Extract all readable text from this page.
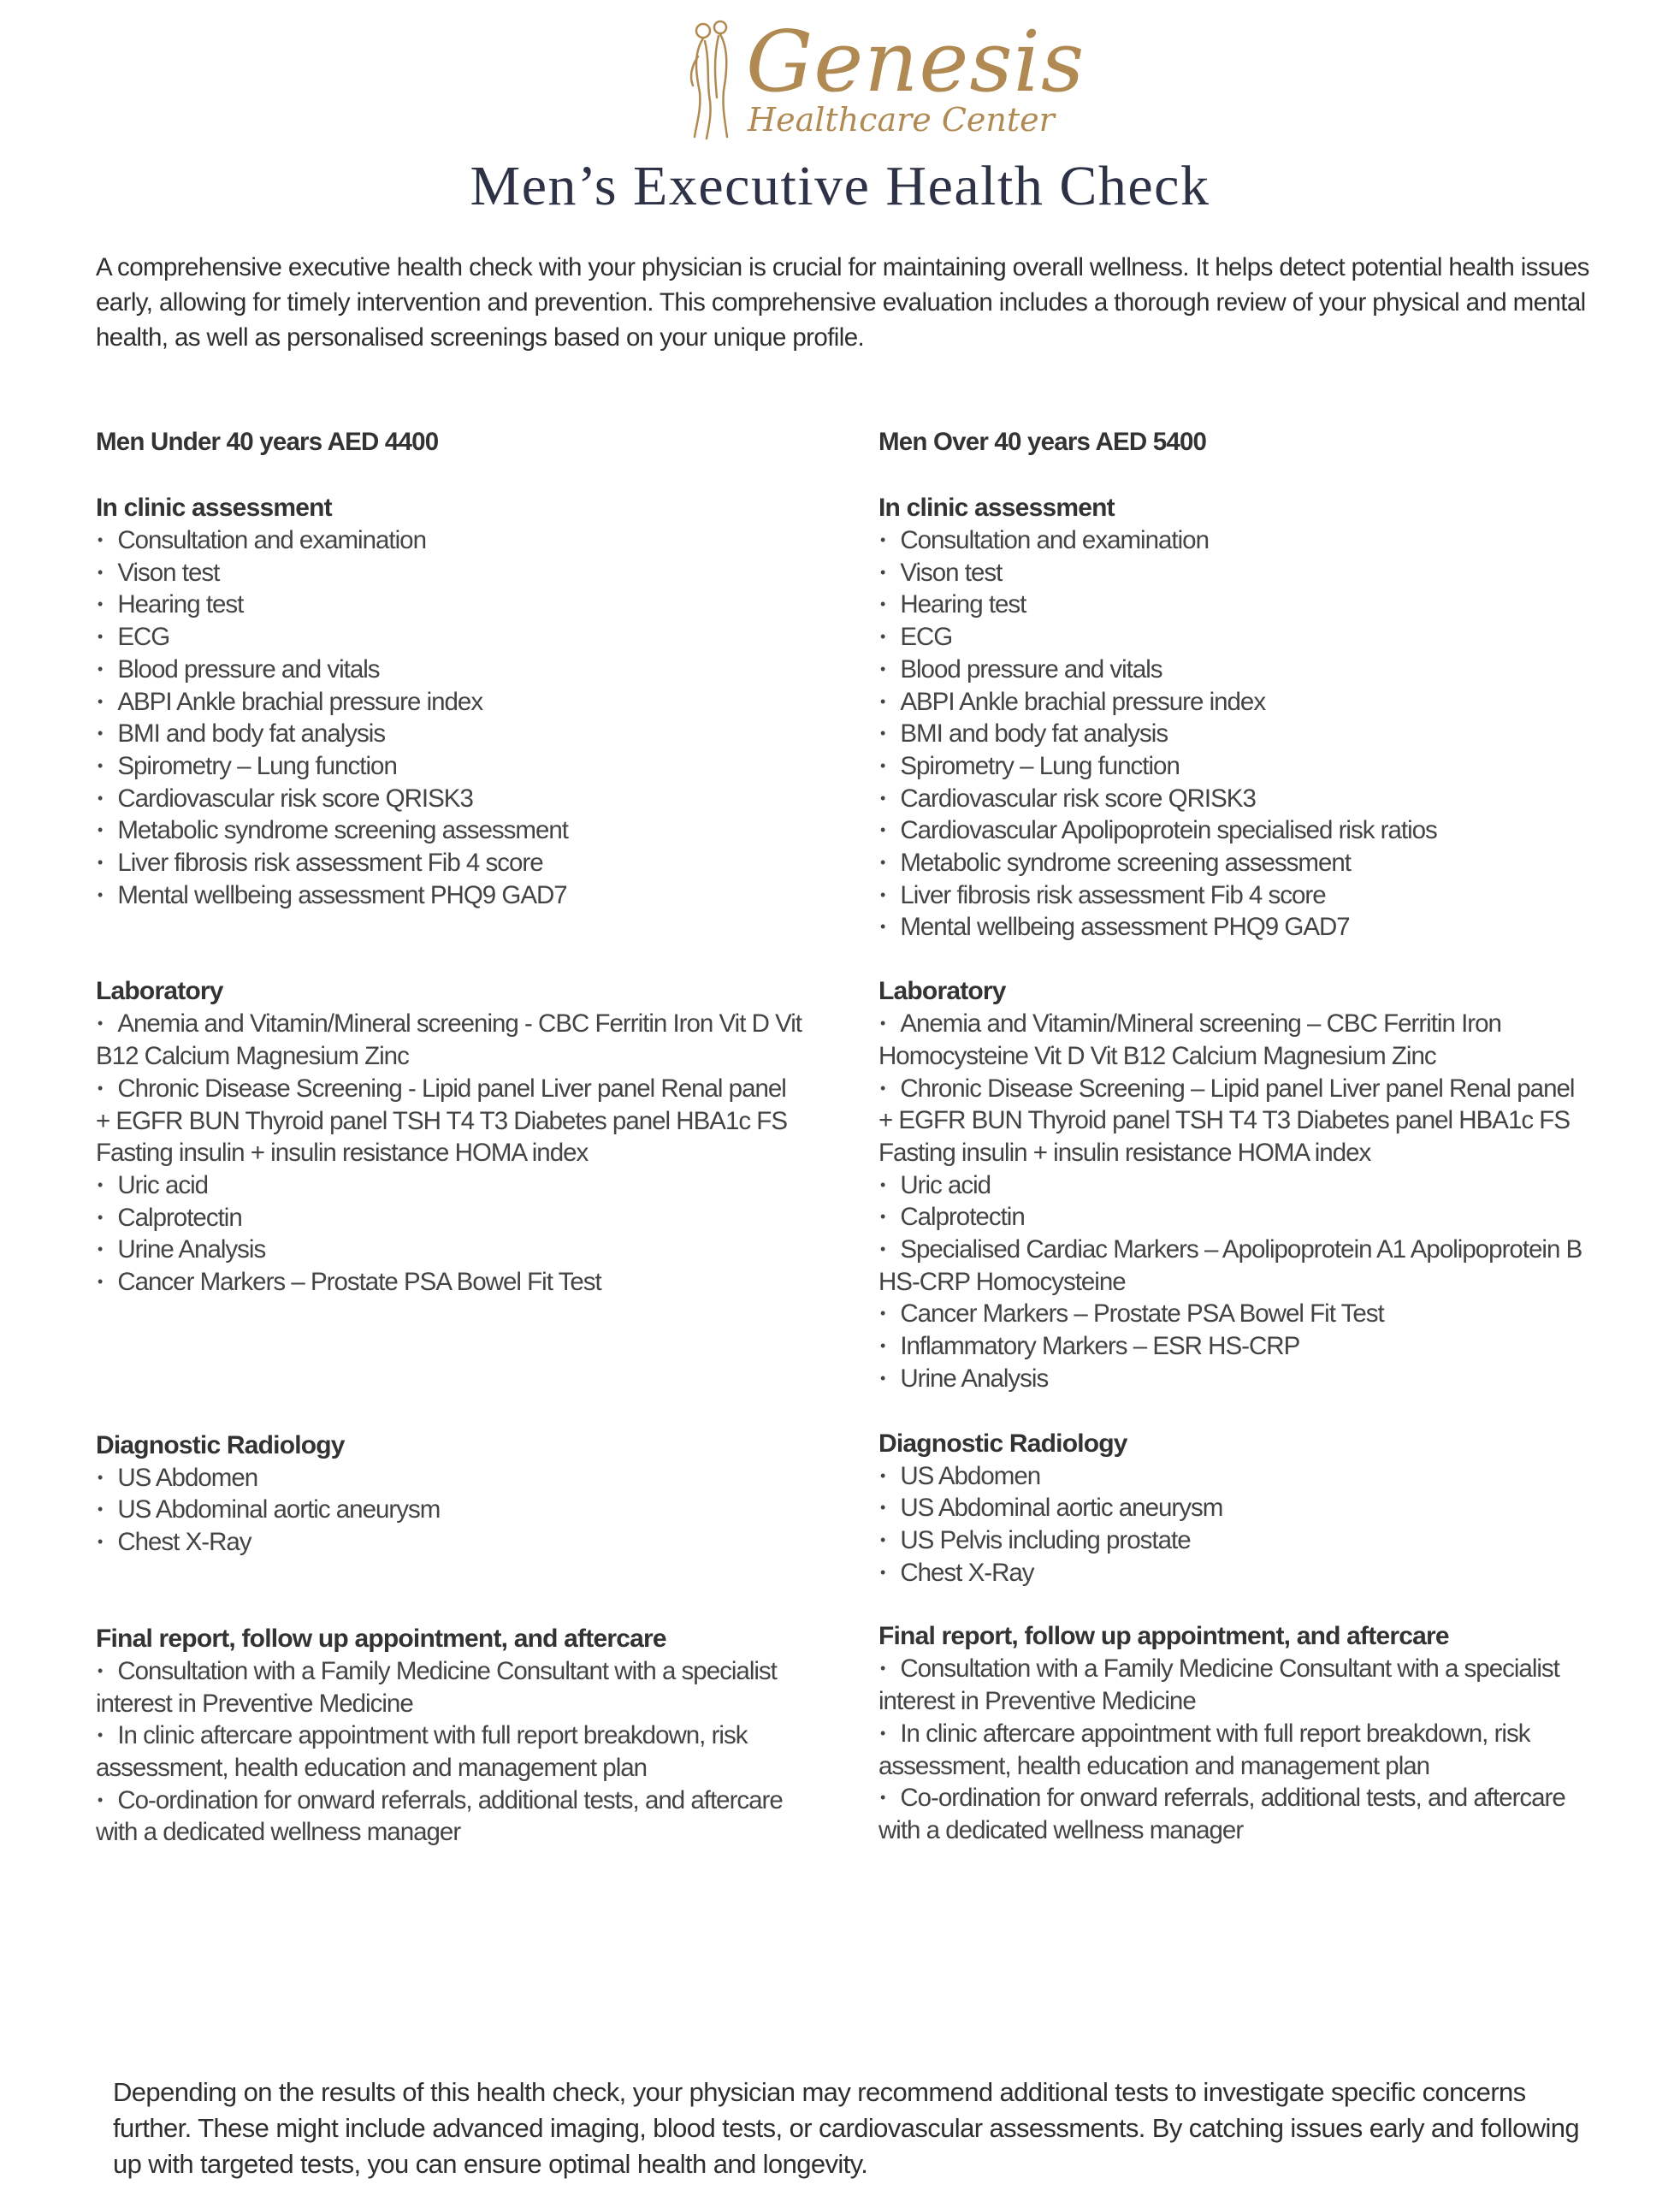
Genesis
Healthcare Center
Men’s Executive Health Check
A comprehensive executive health check with your physician is crucial for maintaining overall wellness. It helps detect potential health issues early, allowing for timely intervention and prevention. This comprehensive evaluation includes a thorough review of your physical and mental health, as well as personalised screenings based on your unique profile.
Men Under 40 years AED 4400
In clinic assessment
• Consultation and examination
• Vison test
• Hearing test
• ECG
• Blood pressure and vitals
• ABPI Ankle brachial pressure index
• BMI and body fat analysis
• Spirometry – Lung function
• Cardiovascular risk score QRISK3
• Metabolic syndrome screening assessment
• Liver fibrosis risk assessment Fib 4 score
• Mental wellbeing assessment PHQ9 GAD7
Laboratory
• Anemia and Vitamin/Mineral screening - CBC Ferritin Iron Vit D Vit B12 Calcium Magnesium Zinc
• Chronic Disease Screening - Lipid panel Liver panel Renal panel + EGFR BUN Thyroid panel TSH T4 T3 Diabetes panel HBA1c FS Fasting insulin + insulin resistance HOMA index
• Uric acid
• Calprotectin
• Urine Analysis
• Cancer Markers – Prostate PSA Bowel Fit Test
Diagnostic Radiology
• US Abdomen
• US Abdominal aortic aneurysm
• Chest X-Ray
Final report, follow up appointment, and aftercare
• Consultation with a Family Medicine Consultant with a specialist interest in Preventive Medicine
• In clinic aftercare appointment with full report breakdown, risk assessment, health education and management plan
• Co-ordination for onward referrals, additional tests, and aftercare with a dedicated wellness manager
Men Over 40 years AED 5400
In clinic assessment
• Consultation and examination
• Vison test
• Hearing test
• ECG
• Blood pressure and vitals
• ABPI Ankle brachial pressure index
• BMI and body fat analysis
• Spirometry – Lung function
• Cardiovascular risk score QRISK3
• Cardiovascular Apolipoprotein specialised risk ratios
• Metabolic syndrome screening assessment
• Liver fibrosis risk assessment Fib 4 score
• Mental wellbeing assessment PHQ9 GAD7
Laboratory
• Anemia and Vitamin/Mineral screening – CBC Ferritin Iron Homocysteine Vit D Vit B12 Calcium Magnesium Zinc
• Chronic Disease Screening – Lipid panel Liver panel Renal panel + EGFR BUN Thyroid panel TSH T4 T3 Diabetes panel HBA1c FS Fasting insulin + insulin resistance HOMA index
• Uric acid
• Calprotectin
• Specialised Cardiac Markers – Apolipoprotein A1 Apolipoprotein B HS-CRP Homocysteine
• Cancer Markers – Prostate PSA Bowel Fit Test
• Inflammatory Markers – ESR HS-CRP
• Urine Analysis
Diagnostic Radiology
• US Abdomen
• US Abdominal aortic aneurysm
• US Pelvis including prostate
• Chest X-Ray
Final report, follow up appointment, and aftercare
• Consultation with a Family Medicine Consultant with a specialist interest in Preventive Medicine
• In clinic aftercare appointment with full report breakdown, risk assessment, health education and management plan
• Co-ordination for onward referrals, additional tests, and aftercare with a dedicated wellness manager
Depending on the results of this health check, your physician may recommend additional tests to investigate specific concerns further. These might include advanced imaging, blood tests, or cardiovascular assessments. By catching issues early and following up with targeted tests, you can ensure optimal health and longevity.
